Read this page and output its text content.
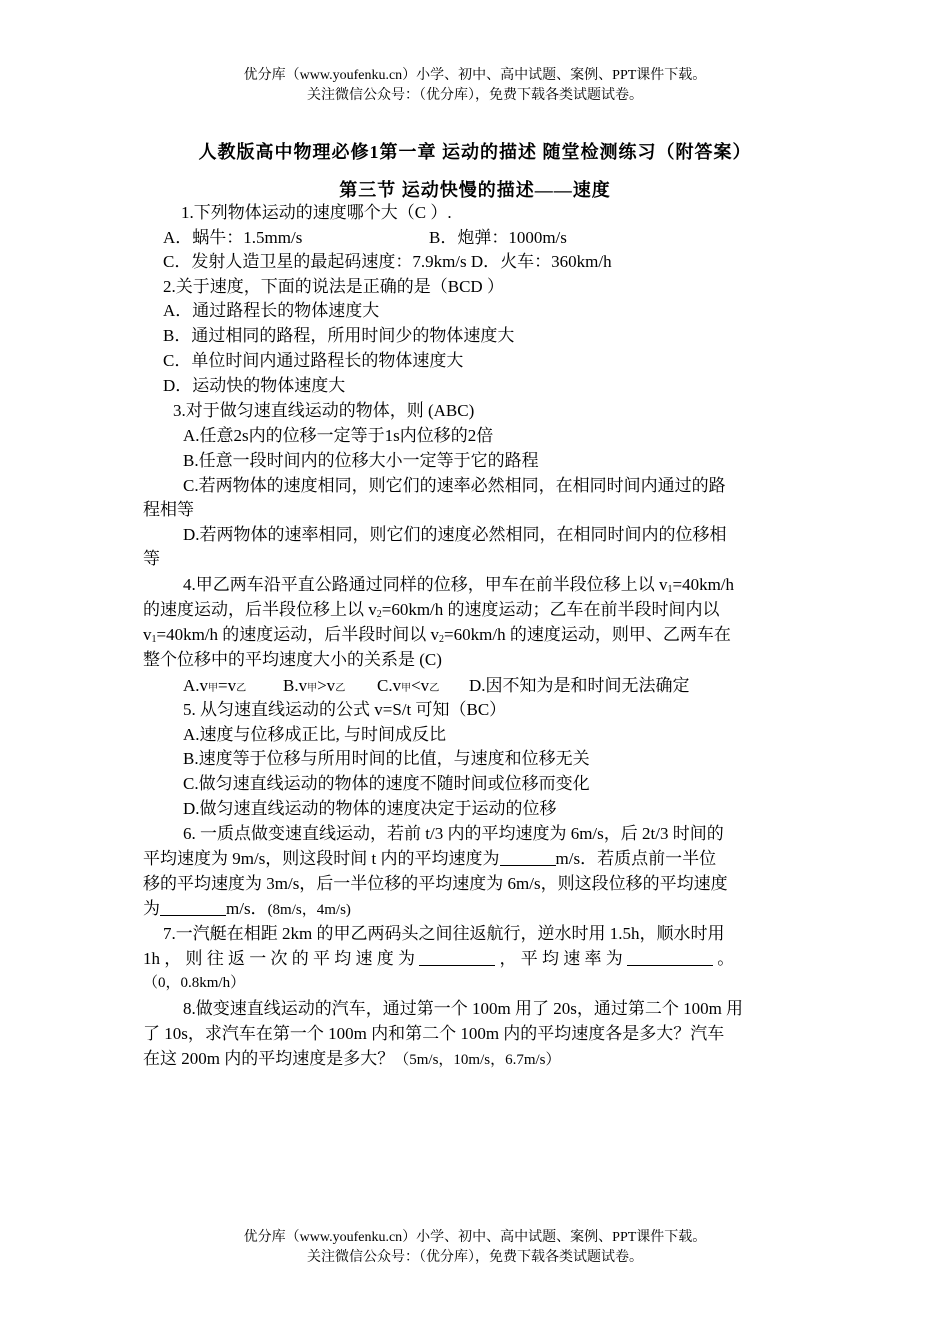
优分库（www.youfenku.cn）小学、初中、高中试题、案例、PPT课件下载。
关注微信公众号：（优分库），免费下载各类试题试卷。
人教版高中物理必修1第一章 运动的描述 随堂检测练习（附答案）
第三节 运动快慢的描述——速度
1.下列物体运动的速度哪个大（C ）.
A．蜗牛：1.5mm/s	B．炮弹：1000m/s
C．发射人造卫星的最起码速度：7.9km/s D．火车：360km/h
2.关于速度，下面的说法是正确的是（BCD ）
A．通过路程长的物体速度大
B．通过相同的路程，所用时间少的物体速度大
C．单位时间内通过路程长的物体速度大
D．运动快的物体速度大
3.对于做匀速直线运动的物体，则 (ABC)
A.任意2s内的位移一定等于1s内位移的2倍
B.任意一段时间内的位移大小一定等于它的路程
C.若两物体的速度相同，则它们的速率必然相同，在相同时间内通过的路
程相等
D.若两物体的速率相同，则它们的速度必然相同，在相同时间内的位移相
等
4.甲乙两车沿平直公路通过同样的位移，甲车在前半段位移上以 $v_1=40km/h$
的速度运动，后半段位移上以 $v_2=60km/h$ 的速度运动；乙车在前半段时间内以
$v_1=40km/h$ 的速度运动，后半段时间以 $v_2=60km/h$ 的速度运动，则甲、乙两车在
整个位移中的平均速度大小的关系是 (C)
A.v甲=v乙 B.v甲>v乙 C.v甲<v乙 D.因不知为是和时间无法确定
5. 从匀速直线运动的公式 v=S/t 可知（BC）
A.速度与位移成正比, 与时间成反比
B.速度等于位移与所用时间的比值，与速度和位移无关
C.做匀速直线运动的物体的速度不随时间或位移而变化
D.做匀速直线运动的物体的速度决定于运动的位移
6. 一质点做变速直线运动，若前 t/3 内的平均速度为 6m/s，后 2t/3 时间的
平均速度为 9m/s，则这段时间 t 内的平均速度为	m/s．若质点前一半位
移的平均速度为 3m/s，后一半位移的平均速度为 6m/s，则这段位移的平均速度
为	m/s．(8m/s，4m/s)
7.一汽艇在相距 2km 的甲乙两码头之间往返航行，逆水时用 1.5h，顺水时用
1h ， 则 往 返 一 次 的 平 均 速 度 为	， 平 均 速 率 为	。
（0，0.8km/h）
8.做变速直线运动的汽车，通过第一个 100m 用了 20s，通过第二个 100m 用
了 10s，求汽车在第一个 100m 内和第二个 100m 内的平均速度各是多大？汽车
在这 200m 内的平均速度是多大？（5m/s，10m/s，6.7m/s）
优分库（www.youfenku.cn）小学、初中、高中试题、案例、PPT课件下载。
关注微信公众号：（优分库），免费下载各类试题试卷。
